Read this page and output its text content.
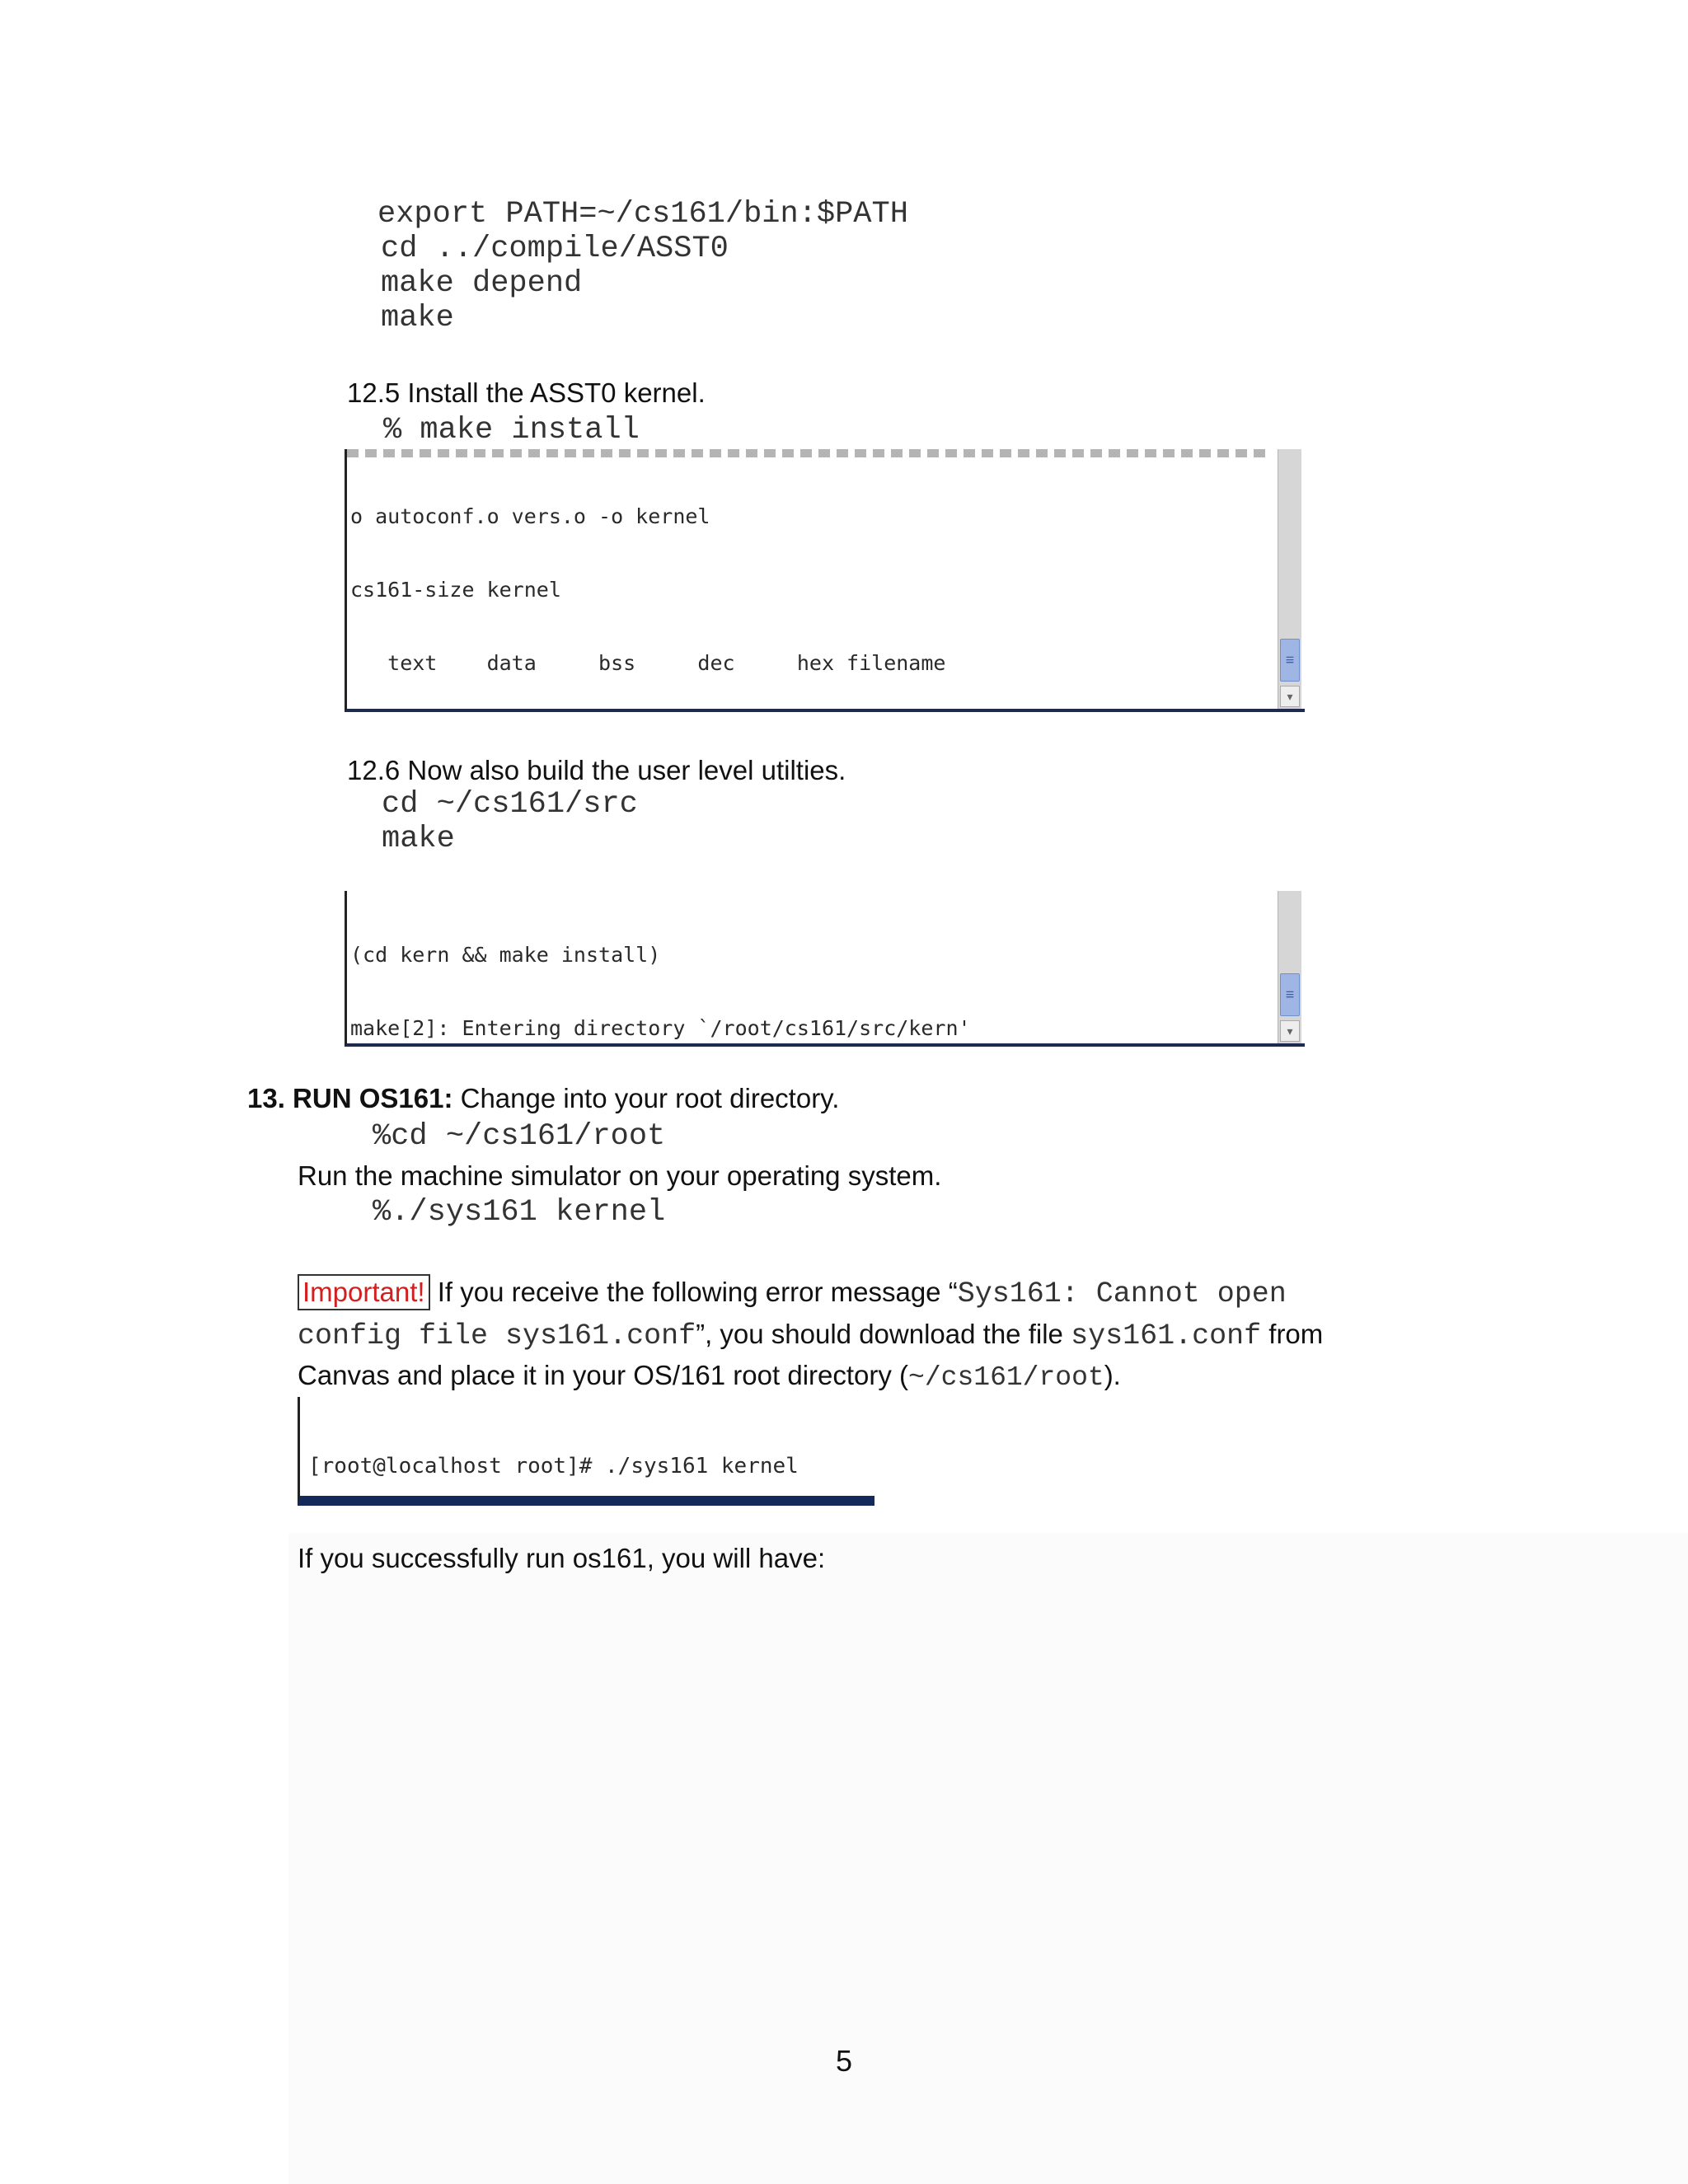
export PATH=~/cs161/bin:$PATH
cd ../compile/ASST0
make depend
make
12.5 Install the ASST0 kernel.
% make install

o autoconf.o vers.o -o kernel

cs161-size kernel

text    data     bss     dec     hex filename

≡
▾
12.6 Now also build the user level utilties.
cd ~/cs161/src
make

(cd kern && make install)

make[2]: Entering directory `/root/cs161/src/kern'

≡	▾
13. RUN OS161: Change into your root directory.
%cd ~/cs161/root
Run the machine simulator on your operating system.
%./sys161 kernel
Important! If you receive the following error message “Sys161: Cannot open
config file sys161.conf”, you should download the file sys161.conf from
Canvas and place it in your OS/161 root directory (~/cs161/root).

[root@localhost root]# ./sys161 kernel

If you successfully run os161, you will have:
5
